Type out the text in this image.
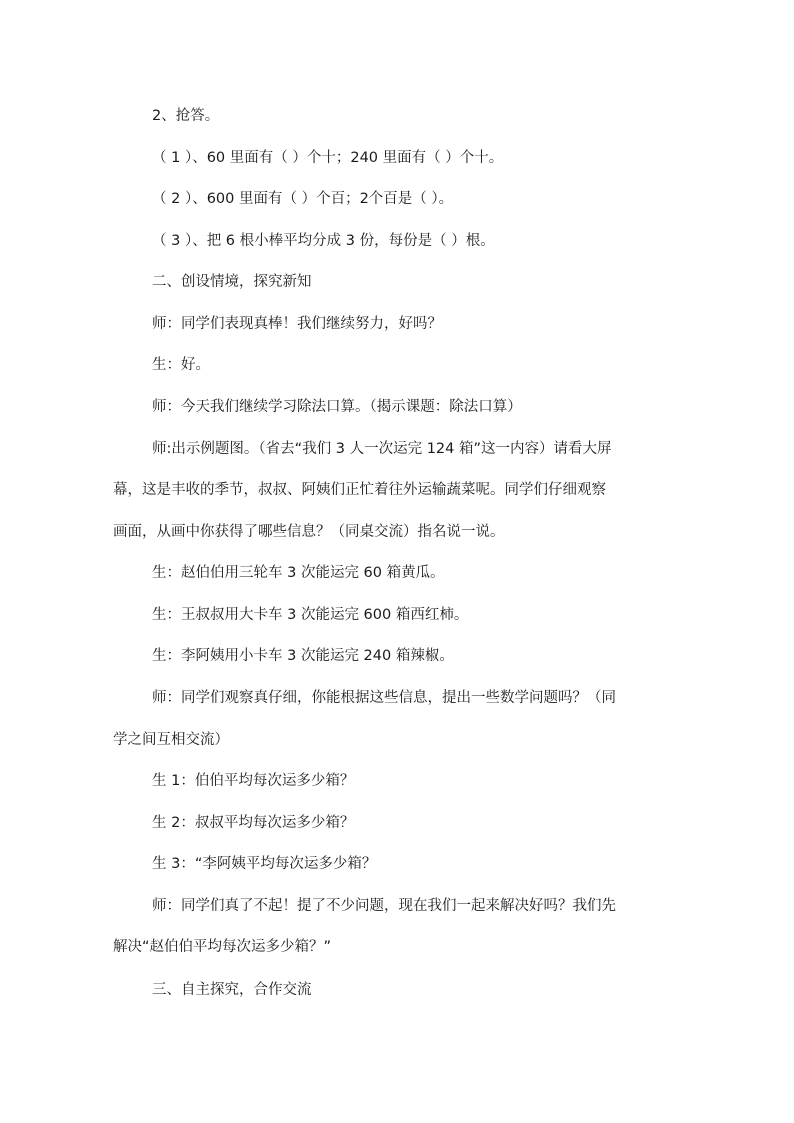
2、抢答。
（ 1 ）、60 里面有（ ）个十；240 里面有（ ）个十。
（ 2 ）、600 里面有（ ）个百；2个百是（ ）。
（ 3 ）、把 6 根小棒平均分成 3 份，每份是（ ）根。
二、创设情境，探究新知
师：同学们表现真棒！我们继续努力，好吗？
生：好。
师：今天我们继续学习除法口算。（揭示课题：除法口算）
师:出示例题图。（省去“我们 3 人一次运完 124 箱”这一内容）请看大屏
幕，这是丰收的季节，叔叔、阿姨们正忙着往外运输蔬菜呢。同学们仔细观察
画面，从画中你获得了哪些信息？（同桌交流）指名说一说。
生：赵伯伯用三轮车 3 次能运完 60 箱黄瓜。
生：王叔叔用大卡车 3 次能运完 600 箱西红柿。
生：李阿姨用小卡车 3 次能运完 240 箱辣椒。
师：同学们观察真仔细，你能根据这些信息，提出一些数学问题吗？（同
学之间互相交流）
生 1：伯伯平均每次运多少箱？
生 2：叔叔平均每次运多少箱？
生 3：“李阿姨平均每次运多少箱？
师：同学们真了不起！提了不少问题，现在我们一起来解决好吗？我们先
解决“赵伯伯平均每次运多少箱？”
三、自主探究，合作交流
